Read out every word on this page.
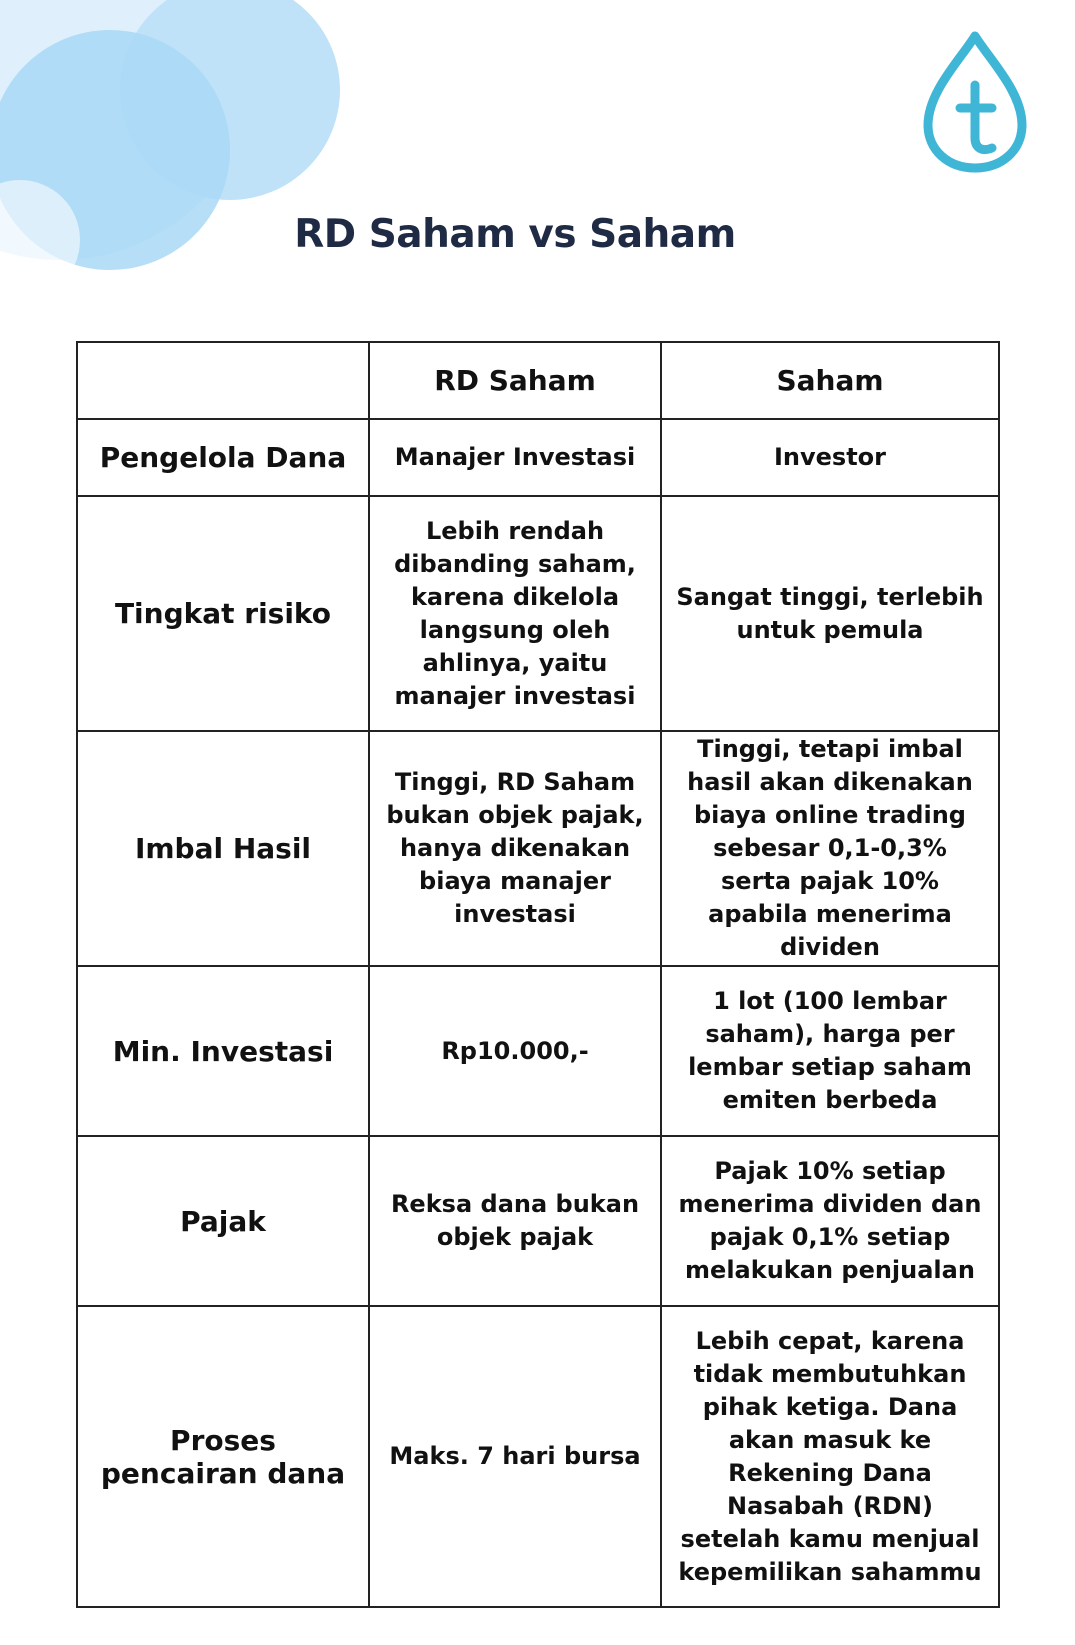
RD Saham vs Saham
	RD Saham	Saham
Pengelola Dana	Manajer Investasi	Investor
Tingkat risiko	Lebih rendah dibanding saham, karena dikelola langsung oleh ahlinya, yaitu manajer investasi	Sangat tinggi, terlebih untuk pemula
Imbal Hasil	Tinggi, RD Saham bukan objek pajak, hanya dikenakan biaya manajer investasi	Tinggi, tetapi imbal hasil akan dikenakan biaya online trading sebesar 0,1-0,3% serta pajak 10% apabila menerima dividen
Min. Investasi	Rp10.000,-	1 lot (100 lembar saham), harga per lembar setiap saham emiten berbeda
Pajak	Reksa dana bukan objek pajak	Pajak 10% setiap menerima dividen dan pajak 0,1% setiap melakukan penjualan
Proses pencairan dana	Maks. 7 hari bursa	Lebih cepat, karena tidak membutuhkan pihak ketiga. Dana akan masuk ke Rekening Dana Nasabah (RDN) setelah kamu menjual kepemilikan sahammu
